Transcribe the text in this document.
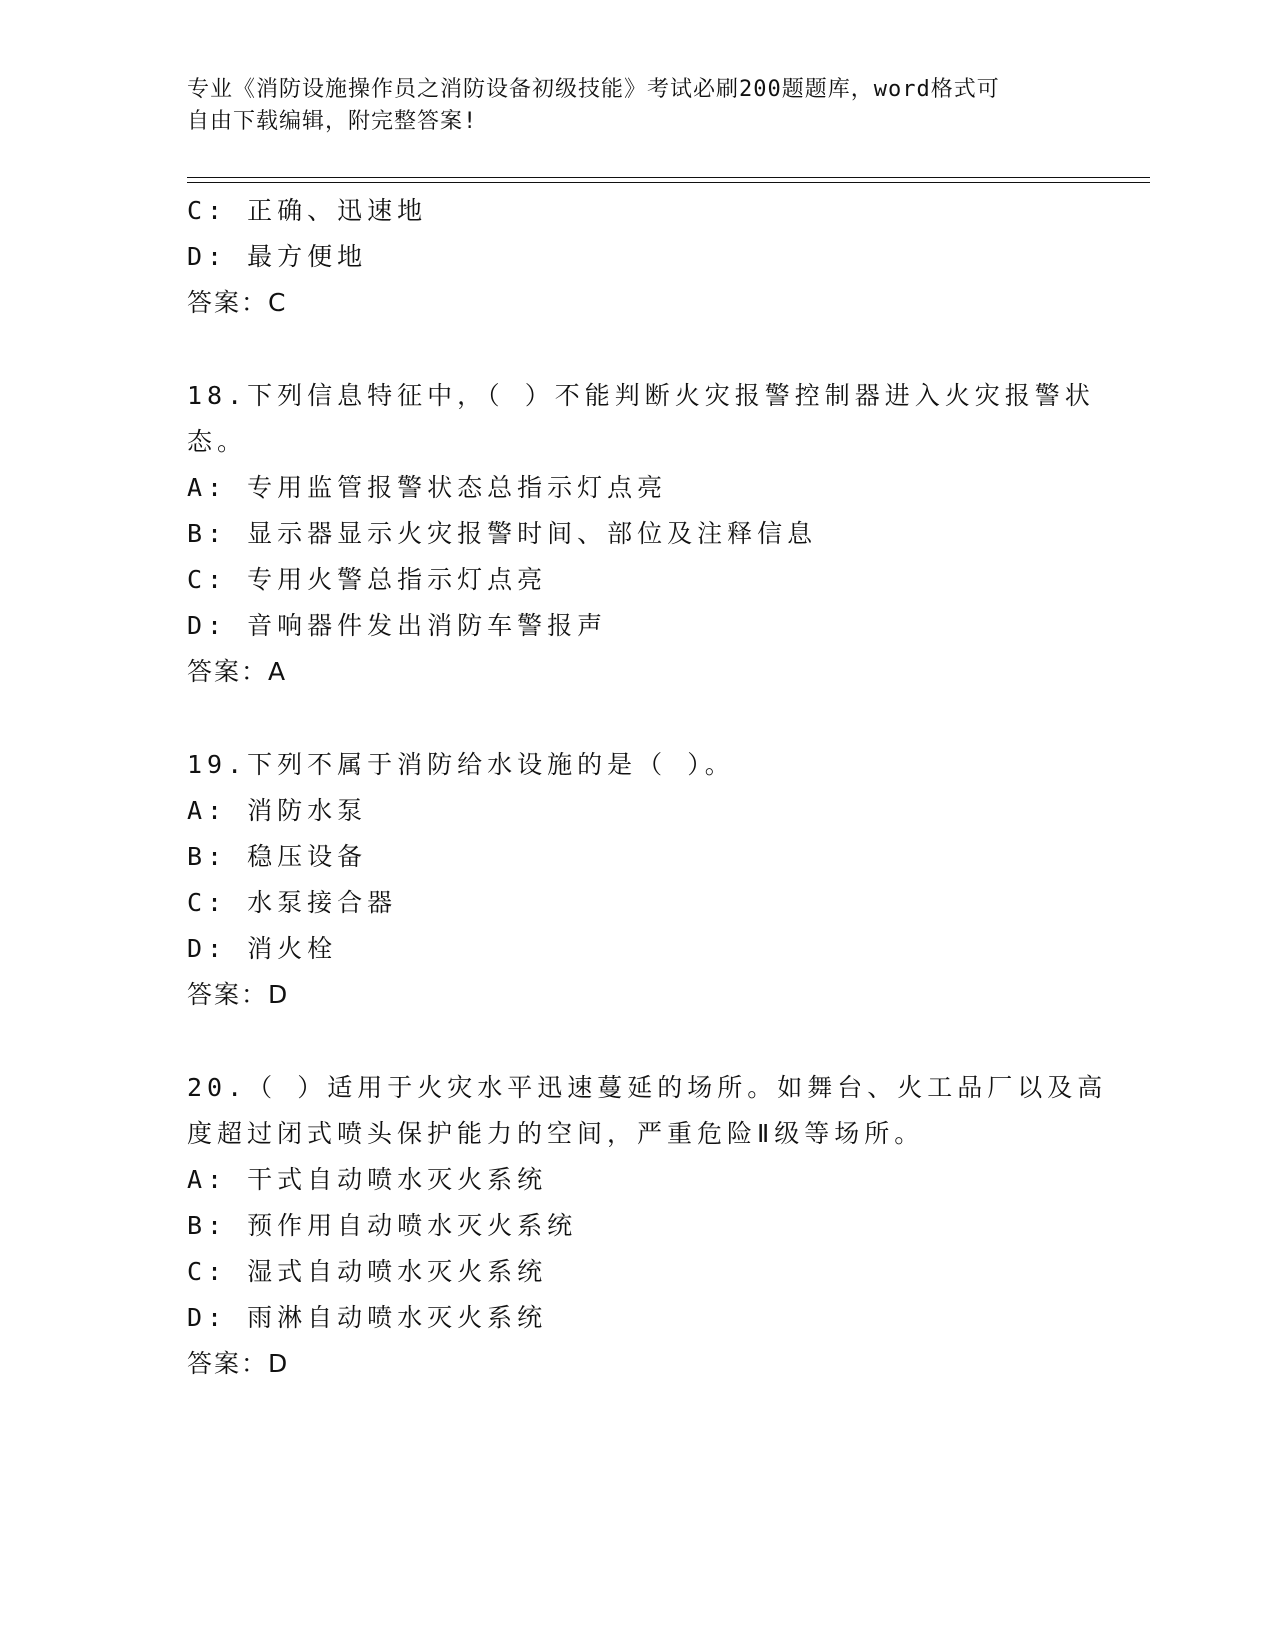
专业《消防设施操作员之消防设备初级技能》考试必刷200题题库，word格式可
自由下载编辑，附完整答案!
C: 正确、迅速地
D: 最方便地
答案：C
18.下列信息特征中，（ ）不能判断火灾报警控制器进入火灾报警状
态。
A: 专用监管报警状态总指示灯点亮
B: 显示器显示火灾报警时间、部位及注释信息
C: 专用火警总指示灯点亮
D: 音响器件发出消防车警报声
答案：A
19.下列不属于消防给水设施的是（ ）。
A: 消防水泵
B: 稳压设备
C: 水泵接合器
D: 消火栓
答案：D
20.（ ）适用于火灾水平迅速蔓延的场所。如舞台、火工品厂以及高
度超过闭式喷头保护能力的空间，严重危险Ⅱ级等场所。
A: 干式自动喷水灭火系统
B: 预作用自动喷水灭火系统
C: 湿式自动喷水灭火系统
D: 雨淋自动喷水灭火系统
答案：D
